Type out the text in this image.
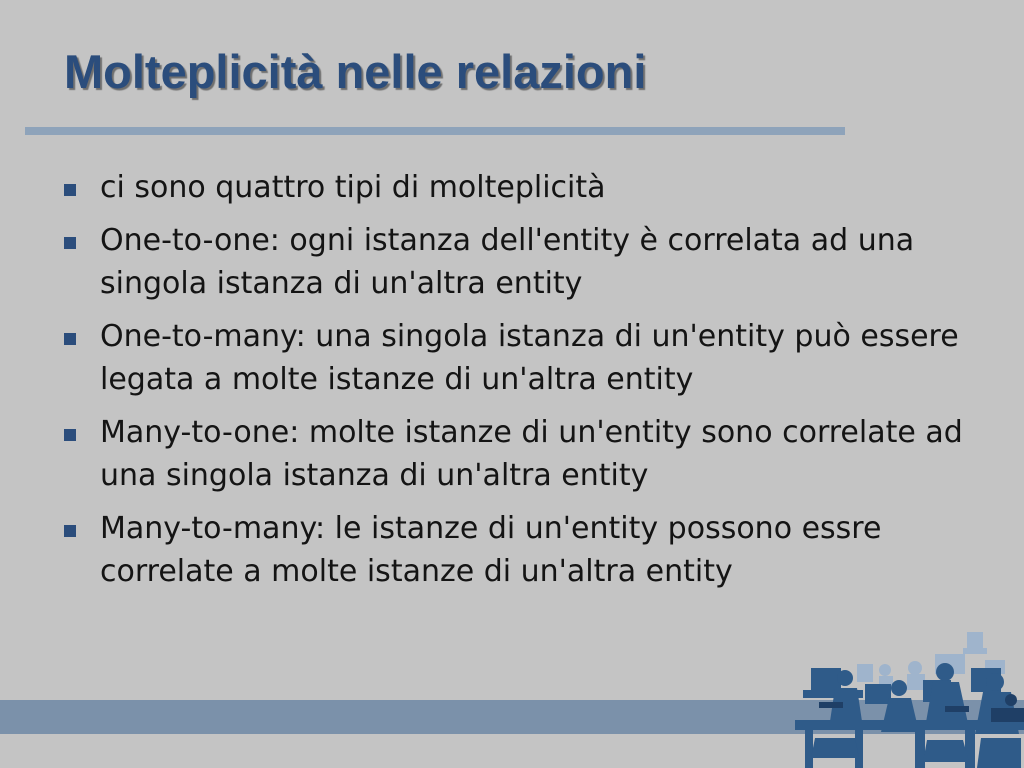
Molteplicità nelle relazioni
ci sono quattro tipi di molteplicità
One-to-one: ogni istanza dell'entity è correlata ad una singola istanza di un'altra entity
One-to-many: una singola istanza di un'entity può essere legata a molte istanze di un'altra entity
Many-to-one: molte istanze di un'entity sono correlate ad una singola istanza di un'altra entity
Many-to-many: le istanze di un'entity possono essre correlate a molte istanze di un'altra entity
